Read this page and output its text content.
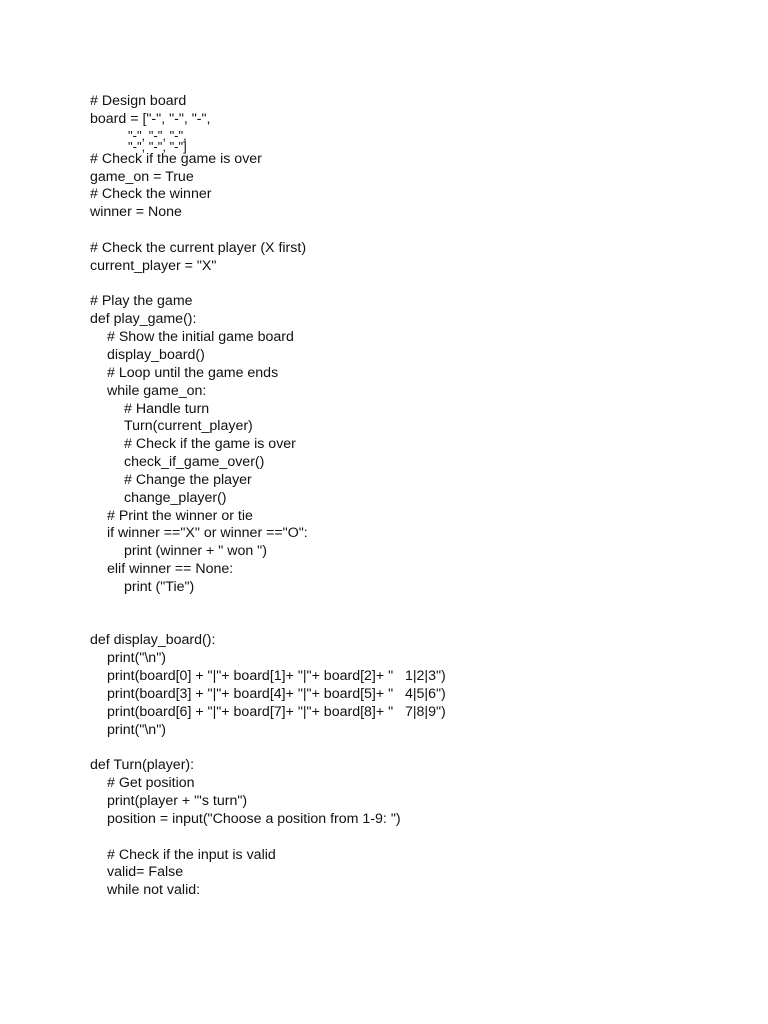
# Design board
board = ["-", "-", "-",
"-", "-", "-",
"-", "-", "-"]
# Check if the game is over
game_on = True
# Check the winner
winner = None
# Check the current player (X first)
current_player = "X"
# Play the game
def play_game():
# Show the initial game board
display_board()
# Loop until the game ends
while game_on:
# Handle turn
Turn(current_player)
# Check if the game is over
check_if_game_over()
# Change the player
change_player()
# Print the winner or tie
if winner =="X" or winner =="O":
print (winner + " won ")
elif winner == None:
print ("Tie")
def display_board():
print("\n")
print(board[0] + "|"+ board[1]+ "|"+ board[2]+ "   1|2|3")
print(board[3] + "|"+ board[4]+ "|"+ board[5]+ "   4|5|6")
print(board[6] + "|"+ board[7]+ "|"+ board[8]+ "   7|8|9")
print("\n")
def Turn(player):
# Get position
print(player + "'s turn")
position = input("Choose a position from 1-9: ")
# Check if the input is valid
valid= False
while not valid:
